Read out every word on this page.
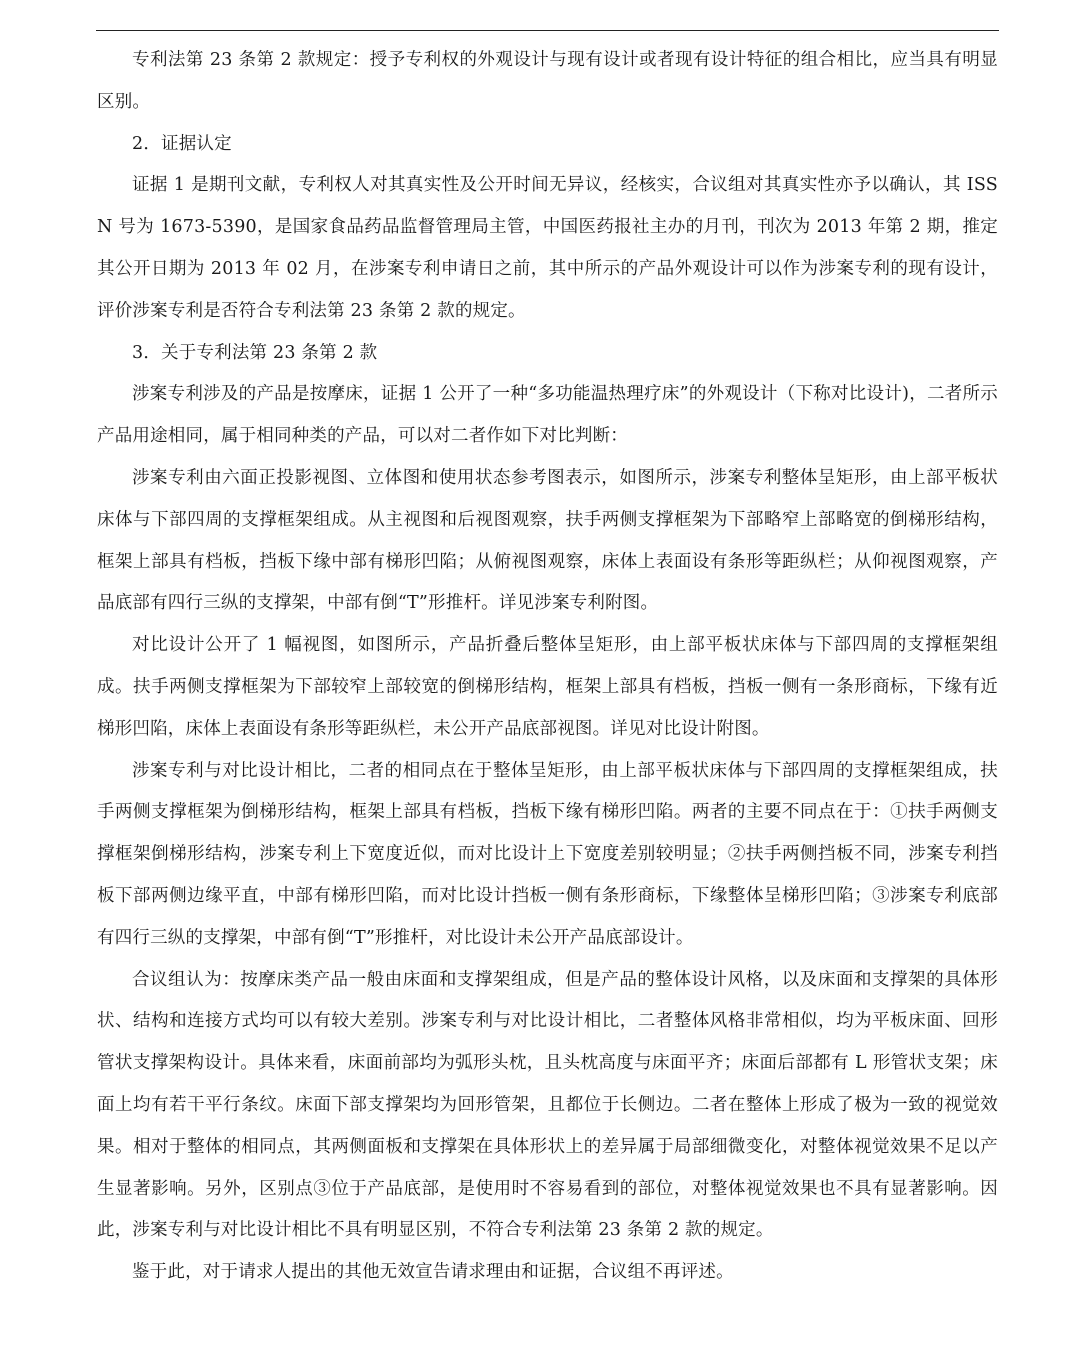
专利法第 23 条第 2 款规定：授予专利权的外观设计与现有设计或者现有设计特征的组合相比，应当具有明显区别。

2．证据认定

证据 1 是期刊文献，专利权人对其真实性及公开时间无异议，经核实，合议组对其真实性亦予以确认，其 ISSN 号为 1673-5390，是国家食品药品监督管理局主管，中国医药报社主办的月刊，刊次为 2013 年第 2 期，推定其公开日期为 2013 年 02 月，在涉案专利申请日之前，其中所示的产品外观设计可以作为涉案专利的现有设计，评价涉案专利是否符合专利法第 23 条第 2 款的规定。

3．关于专利法第 23 条第 2 款

涉案专利涉及的产品是按摩床，证据 1 公开了一种“多功能温热理疗床”的外观设计（下称对比设计)，二者所示产品用途相同，属于相同种类的产品，可以对二者作如下对比判断：

涉案专利由六面正投影视图、立体图和使用状态参考图表示，如图所示，涉案专利整体呈矩形，由上部平板状床体与下部四周的支撑框架组成。从主视图和后视图观察，扶手两侧支撑框架为下部略窄上部略宽的倒梯形结构，框架上部具有档板，挡板下缘中部有梯形凹陷；从俯视图观察，床体上表面设有条形等距纵栏；从仰视图观察，产品底部有四行三纵的支撑架，中部有倒“T”形推杆。详见涉案专利附图。

对比设计公开了 1 幅视图，如图所示，产品折叠后整体呈矩形，由上部平板状床体与下部四周的支撑框架组成。扶手两侧支撑框架为下部较窄上部较宽的倒梯形结构，框架上部具有档板，挡板一侧有一条形商标，下缘有近梯形凹陷，床体上表面设有条形等距纵栏，未公开产品底部视图。详见对比设计附图。

涉案专利与对比设计相比，二者的相同点在于整体呈矩形，由上部平板状床体与下部四周的支撑框架组成，扶手两侧支撑框架为倒梯形结构，框架上部具有档板，挡板下缘有梯形凹陷。两者的主要不同点在于：①扶手两侧支撑框架倒梯形结构，涉案专利上下宽度近似，而对比设计上下宽度差别较明显；②扶手两侧挡板不同，涉案专利挡板下部两侧边缘平直，中部有梯形凹陷，而对比设计挡板一侧有条形商标，下缘整体呈梯形凹陷；③涉案专利底部有四行三纵的支撑架，中部有倒“T”形推杆，对比设计未公开产品底部设计。

合议组认为：按摩床类产品一般由床面和支撑架组成，但是产品的整体设计风格，以及床面和支撑架的具体形状、结构和连接方式均可以有较大差别。涉案专利与对比设计相比，二者整体风格非常相似，均为平板床面、回形管状支撑架构设计。具体来看，床面前部均为弧形头枕，且头枕高度与床面平齐；床面后部都有 L 形管状支架；床面上均有若干平行条纹。床面下部支撑架均为回形管架，且都位于长侧边。二者在整体上形成了极为一致的视觉效果。相对于整体的相同点，其两侧面板和支撑架在具体形状上的差异属于局部细微变化，对整体视觉效果不足以产生显著影响。另外，区别点③位于产品底部，是使用时不容易看到的部位，对整体视觉效果也不具有显著影响。因此，涉案专利与对比设计相比不具有明显区别，不符合专利法第 23 条第 2 款的规定。

鉴于此，对于请求人提出的其他无效宣告请求理由和证据，合议组不再评述。
